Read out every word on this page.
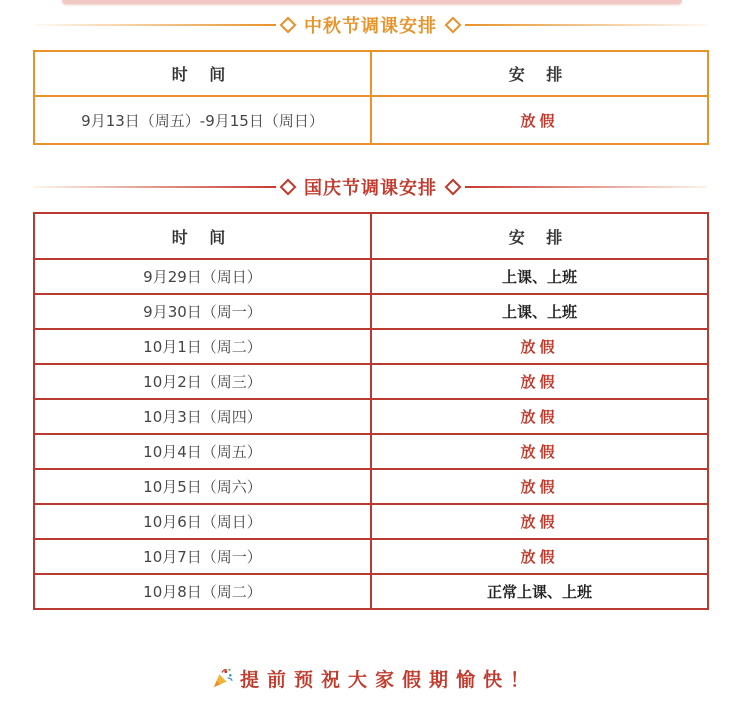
中秋节调课安排
时 间	安 排
9月13日（周五）-9月15日（周日）	放假
国庆节调课安排
时 间	安 排
9月29日（周日）	上课、上班
9月30日（周一）	上课、上班
10月1日（周二）	放假
10月2日（周三）	放假
10月3日（周四）	放假
10月4日（周五）	放假
10月5日（周六）	放假
10月6日（周日）	放假
10月7日（周一）	放假
10月8日（周二）	正常上课、上班
提前预祝大家假期愉快！
